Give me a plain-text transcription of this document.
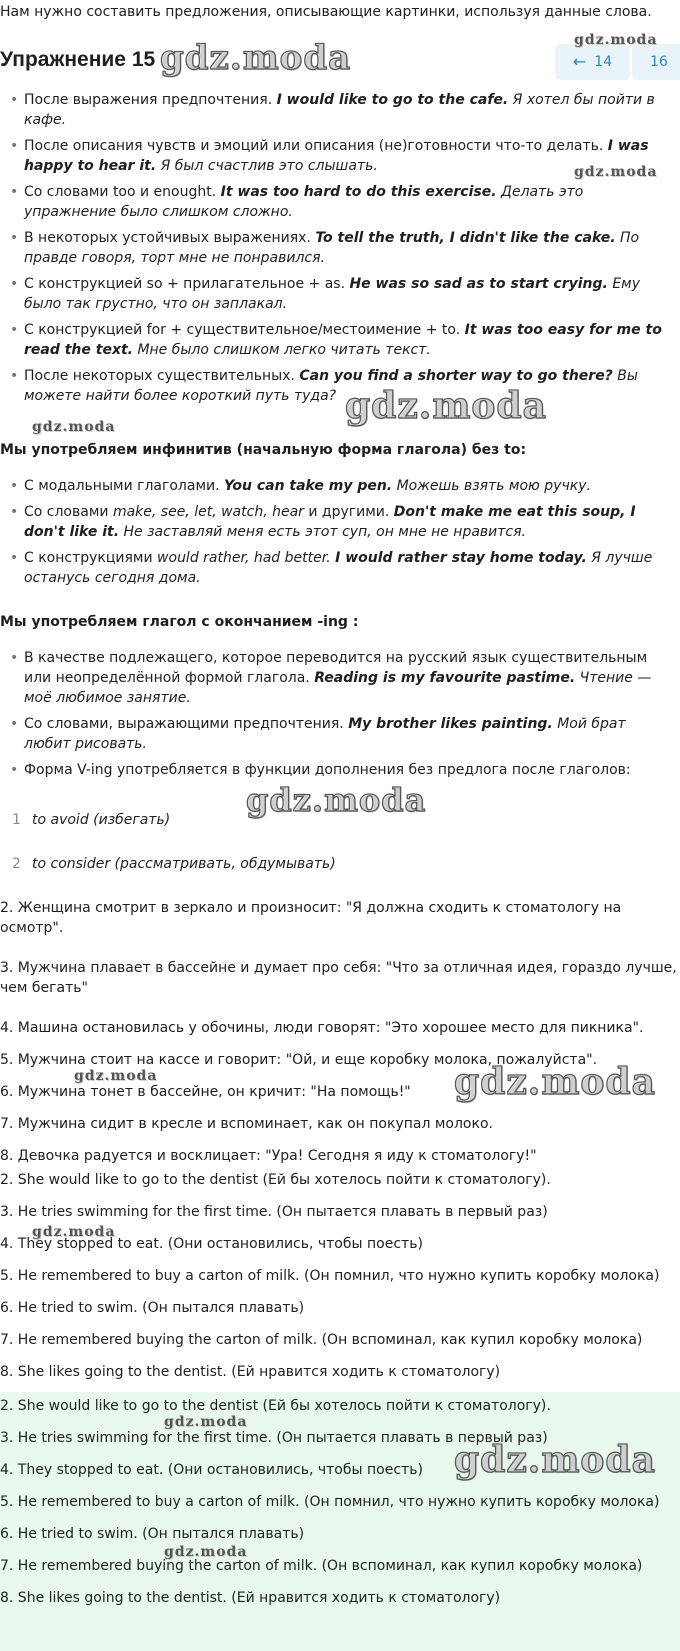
Нам нужно составить предложения, описывающие картинки, используя данные слова.
Упражнение 15	← 14	16
• После выражения предпочтения. I would like to go to the cafe. Я хотел бы пойти в кафе.
• После описания чувств и эмоций или описания (не)готовности что-то делать. I was happy to hear it. Я был счастлив это слышать.
• Со словами too и enought. It was too hard to do this exercise. Делать это упражнение было слишком сложно.
• В некоторых устойчивых выражениях. To tell the truth, I didn't like the cake. По правде говоря, торт мне не понравился.
• С конструкцией so + прилагательное + as. He was so sad as to start crying. Ему было так грустно, что он заплакал.
• С конструкцией for + существительное/местоимение + to. It was too easy for me to read the text. Мне было слишком легко читать текст.
• После некоторых существительных. Can you find a shorter way to go there? Вы можете найти более короткий путь туда?
Мы употребляем инфинитив (начальную форма глагола) без to:
• С модальными глаголами. You can take my pen. Можешь взять мою ручку.
• Со словами make, see, let, watch, hear и другими. Don't make me eat this soup, I don't like it. Не заставляй меня есть этот суп, он мне не нравится.
• С конструкциями would rather, had better. I would rather stay home today. Я лучше останусь сегодня дома.
Мы употребляем глагол с окончанием -ing :
• В качестве подлежащего, которое переводится на русский язык существительным или неопределённой формой глагола. Reading is my favourite pastime. Чтение — моё любимое занятие.
• Со словами, выражающими предпочтения. My brother likes painting. Мой брат любит рисовать.
• Форма V-ing употребляется в функции дополнения без предлога после глаголов:
1 to avoid (избегать)
2 to consider (рассматривать, обдумывать)
2. Женщина смотрит в зеркало и произносит: "Я должна сходить к стоматологу на осмотр".
3. Мужчина плавает в бассейне и думает про себя: "Что за отличная идея, гораздо лучше, чем бегать"
4. Машина остановилась у обочины, люди говорят: "Это хорошее место для пикника".
5. Мужчина стоит на кассе и говорит: "Ой, и еще коробку молока, пожалуйста".
6. Мужчина тонет в бассейне, он кричит: "На помощь!"
7. Мужчина сидит в кресле и вспоминает, как он покупал молоко.
8. Девочка радуется и восклицает: "Ура! Сегодня я иду к стоматологу!"
2. She would like to go to the dentist (Ей бы хотелось пойти к стоматологу).
3. He tries swimming for the first time. (Он пытается плавать в первый раз)
4. They stopped to eat. (Они остановились, чтобы поесть)
5. He remembered to buy a carton of milk. (Он помнил, что нужно купить коробку молока)
6. He tried to swim. (Он пытался плавать)
7. He remembered buying the carton of milk. (Он вспоминал, как купил коробку молока)
8. She likes going to the dentist. (Ей нравится ходить к стоматологу)
2. She would like to go to the dentist (Ей бы хотелось пойти к стоматологу).
3. He tries swimming for the first time. (Он пытается плавать в первый раз)
4. They stopped to eat. (Они остановились, чтобы поесть)
5. He remembered to buy a carton of milk. (Он помнил, что нужно купить коробку молока)
6. He tried to swim. (Он пытался плавать)
7. He remembered buying the carton of milk. (Он вспоминал, как купил коробку молока)
8. She likes going to the dentist. (Ей нравится ходить к стоматологу)
gdz.moda	gdz.moda
gdz.moda
gdz.moda
gdz.moda
gdz.moda
gdz.moda	gdz.moda
gdz.moda
gdz.moda
gdz.moda
gdz.moda
